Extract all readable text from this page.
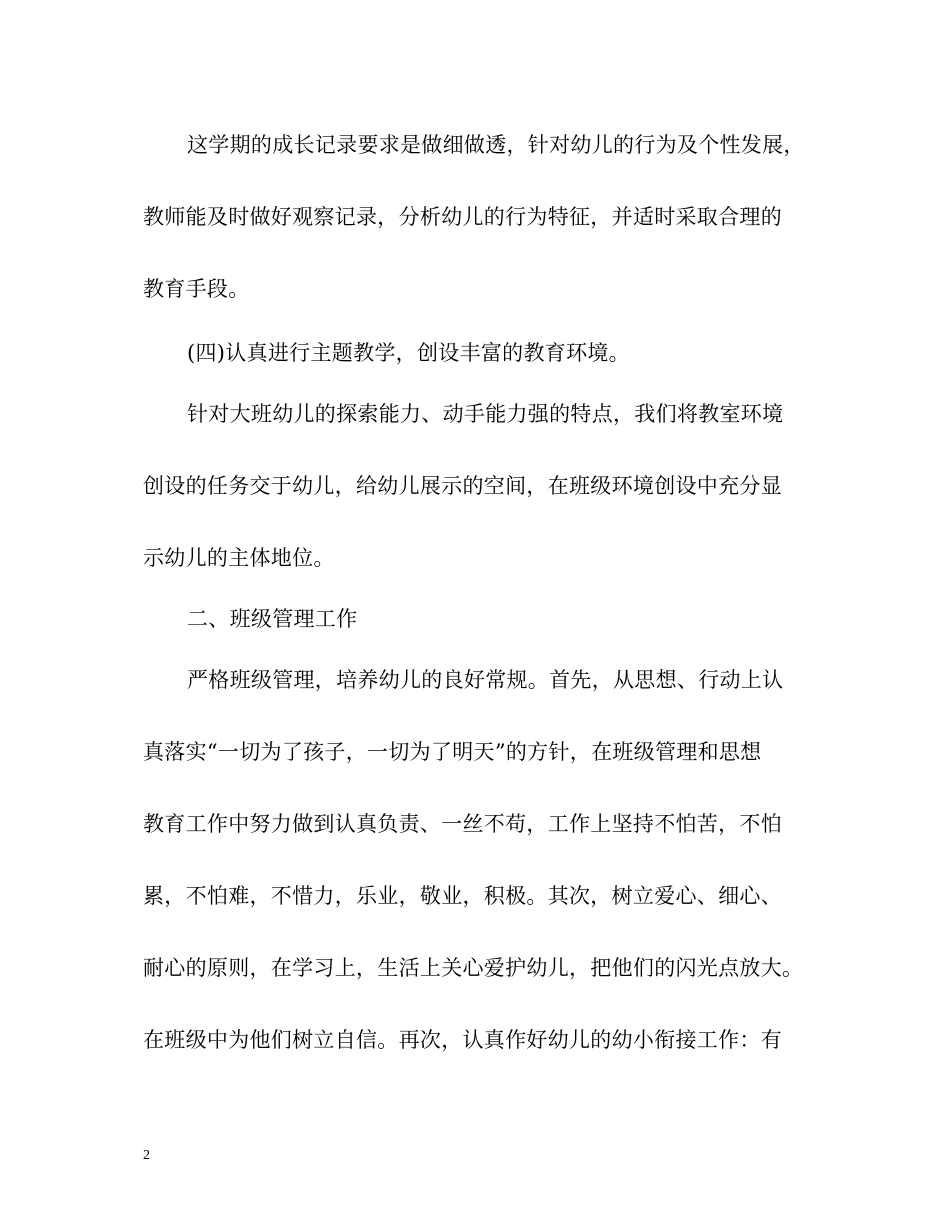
这学期的成长记录要求是做细做透，针对幼儿的行为及个性发展，
教师能及时做好观察记录，分析幼儿的行为特征，并适时采取合理的
教育手段。
(四)认真进行主题教学，创设丰富的教育环境。
针对大班幼儿的探索能力、动手能力强的特点，我们将教室环境
创设的任务交于幼儿，给幼儿展示的空间，在班级环境创设中充分显
示幼儿的主体地位。
二、班级管理工作
严格班级管理，培养幼儿的良好常规。首先，从思想、行动上认
真落实“一切为了孩子，一切为了明天”的方针，在班级管理和思想
教育工作中努力做到认真负责、一丝不苟，工作上坚持不怕苦，不怕
累，不怕难，不惜力，乐业，敬业，积极。其次，树立爱心、细心、
耐心的原则，在学习上，生活上关心爱护幼儿，把他们的闪光点放大。
在班级中为他们树立自信。再次，认真作好幼儿的幼小衔接工作：有
2
